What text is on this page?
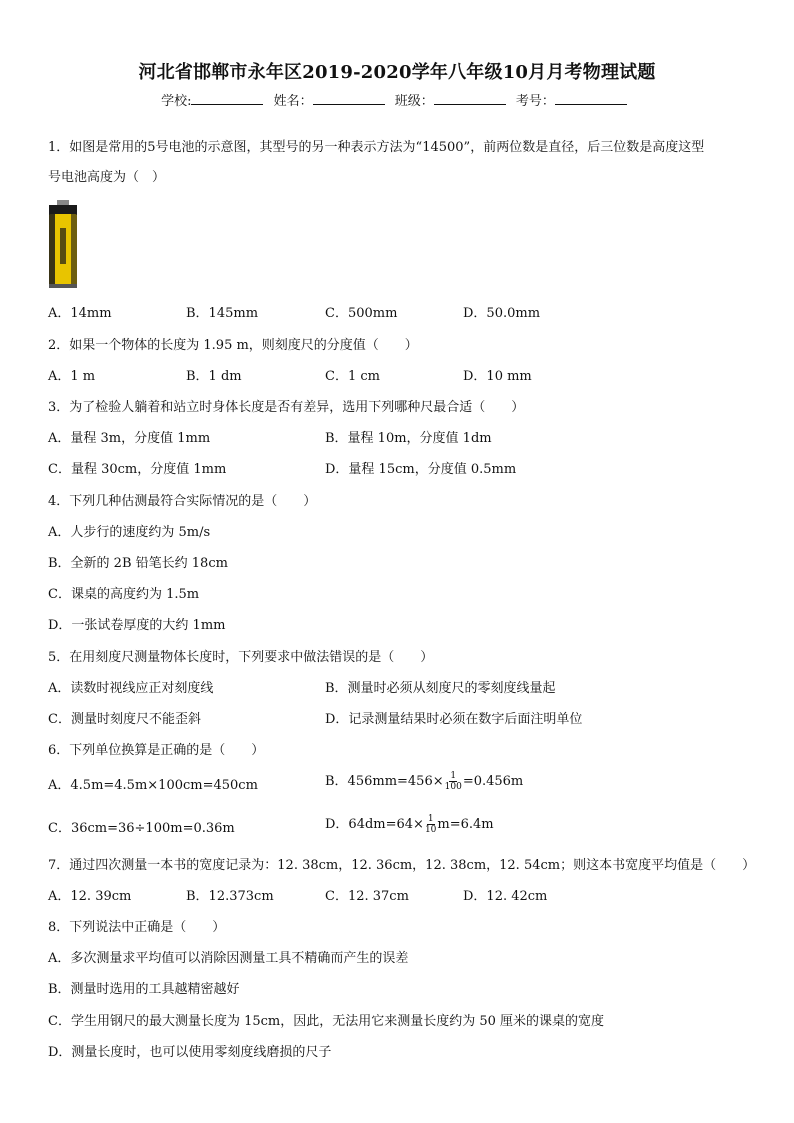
河北省邯郸市永年区2019-2020学年八年级10月月考物理试题
学校:	姓名：	班级：	考号：
1．如图是常用的5号电池的示意图，其型号的另一种表示方法为“14500”，前两位数是直径，后三位数是高度这型
号电池高度为（　）
A．14mm	B．145mm	C．500mm	D．50.0mm
2．如果一个物体的长度为 1.95 m，则刻度尺的分度值（　　）
A．1 m	B．1 dm	C．1 cm	D．10 mm
3．为了检验人躺着和站立时身体长度是否有差异，选用下列哪种尺最合适（　　）
A．量程 3m，分度值 1mm	B．量程 10m，分度值 1dm
C．量程 30cm，分度值 1mm	D．量程 15cm，分度值 0.5mm
4．下列几种估测最符合实际情况的是（　　）
A．人步行的速度约为 5m/s
B．全新的 2B 铅笔长约 18cm
C．课桌的高度约为 1.5m
D．一张试卷厚度的大约 1mm
5．在用刻度尺测量物体长度时，下列要求中做法错误的是（　　）
A．读数时视线应正对刻度线	B．测量时必须从刻度尺的零刻度线量起
C．测量时刻度尺不能歪斜	D．记录测量结果时必须在数字后面注明单位
6．下列单位换算是正确的是（　　）
A．4.5m=4.5m×100cm=450cm	B．$456mm=456\times \frac{1}{100} =0.456m$
C．36cm=36÷100m=0.36m	D．$64dm=64\times \frac{1}{10} m=6.4m$
7．通过四次测量一本书的宽度记录为：12. 38cm，12. 36cm，12. 38cm，12. 54cm；则这本书宽度平均值是（　　）
A．12. 39cm	B．12.373cm	C．12. 37cm	D．12. 42cm
8．下列说法中正确是（　　）
A．多次测量求平均值可以消除因测量工具不精确而产生的误差
B．测量时选用的工具越精密越好
C．学生用钢尺的最大测量长度为 15cm，因此，无法用它来测量长度约为 50 厘米的课桌的宽度
D．测量长度时，也可以使用零刻度线磨损的尺子
